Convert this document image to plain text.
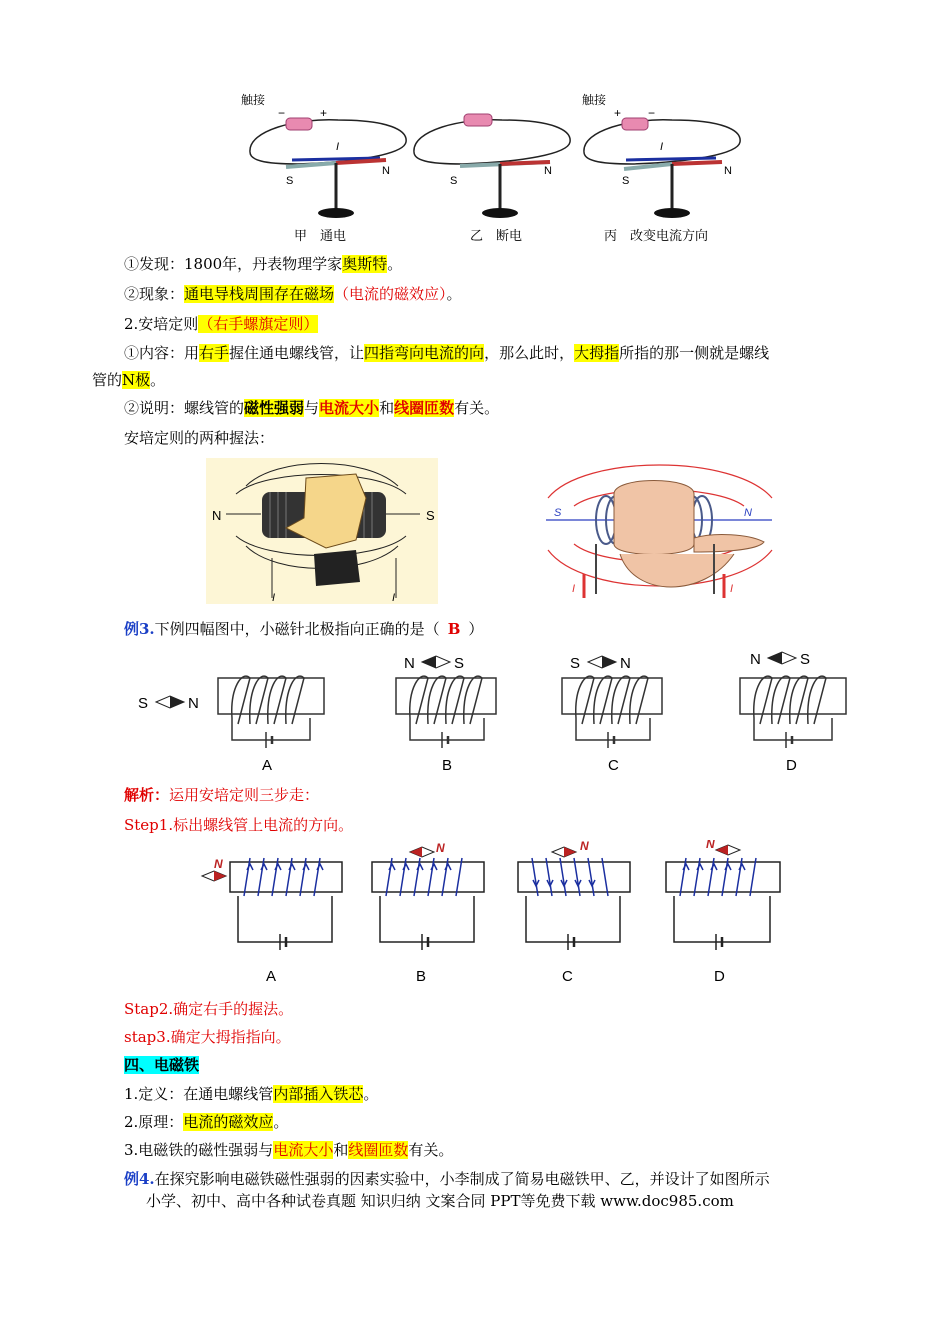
触接
−	+
I
S
N
甲　通电
S
N
乙　断电
触接
+ −
I
S
N
丙　改变电流方向
①发现：1800年，丹表物理学家奥斯特。
②现象：通电导栈周围存在磁场（电流的磁效应）。
2.安培定则（右手螺旗定则）
①内容：用右手握住通电螺线管，让四指弯向电流的向，那么此时，大拇指所指的那一侧就是螺线
管的N极。
②说明：螺线管的磁性强弱与电流大小和线圈匝数有关。
安培定则的两种握法：
N	S
I	I
S	N
I	I
例3.下例四幅图中，小磁针北极指向正确的是（ B ）
S	N
A
N	S
B
S	N
C
N	S
D
解析：运用安培定则三步走：
Step1.标出螺线管上电流的方向。
N
A
N
B
N
C
N
D
Stap2.确定右手的握法。
stap3.确定大拇指指向。
四、电磁铁
1.定义：在通电螺线管内部插入铁芯。
2.原理：电流的磁效应。
3.电磁铁的磁性强弱与电流大小和线圈匝数有关。
例4.在探究影响电磁铁磁性强弱的因素实验中，小李制成了简易电磁铁甲、乙，并设计了如图所示
小学、初中、高中各种试卷真题 知识归纳 文案合同 PPT等免费下载 www.doc985.com
